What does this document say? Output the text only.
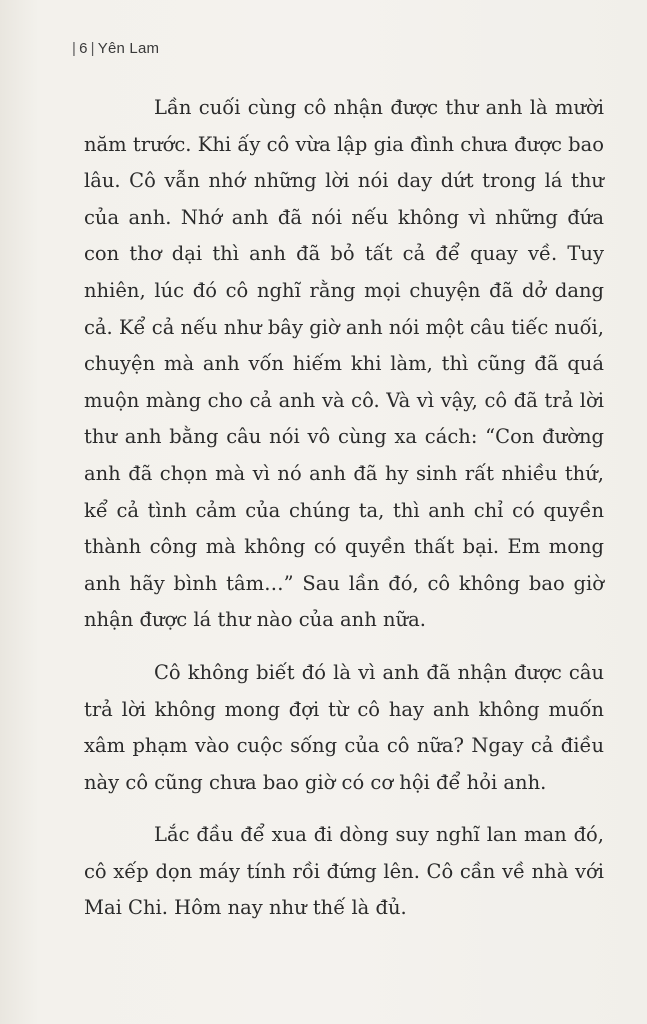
| 6 | Yên Lam

Lần cuối cùng cô nhận được thư anh là mười năm trước. Khi ấy cô vừa lập gia đình chưa được bao lâu. Cô vẫn nhớ những lời nói day dứt trong lá thư của anh. Nhớ anh đã nói nếu không vì những đứa con thơ dại thì anh đã bỏ tất cả để quay về. Tuy nhiên, lúc đó cô nghĩ rằng mọi chuyện đã dở dang cả. Kể cả nếu như bây giờ anh nói một câu tiếc nuối, chuyện mà anh vốn hiếm khi làm, thì cũng đã quá muộn màng cho cả anh và cô. Và vì vậy, cô đã trả lời thư anh bằng câu nói vô cùng xa cách: “Con đường anh đã chọn mà vì nó anh đã hy sinh rất nhiều thứ, kể cả tình cảm của chúng ta, thì anh chỉ có quyền thành công mà không có quyền thất bại. Em mong anh hãy bình tâm…” Sau lần đó, cô không bao giờ nhận được lá thư nào của anh nữa.

Cô không biết đó là vì anh đã nhận được câu trả lời không mong đợi từ cô hay anh không muốn xâm phạm vào cuộc sống của cô nữa? Ngay cả điều này cô cũng chưa bao giờ có cơ hội để hỏi anh.

Lắc đầu để xua đi dòng suy nghĩ lan man đó, cô xếp dọn máy tính rồi đứng lên. Cô cần về nhà với Mai Chi. Hôm nay như thế là đủ.
